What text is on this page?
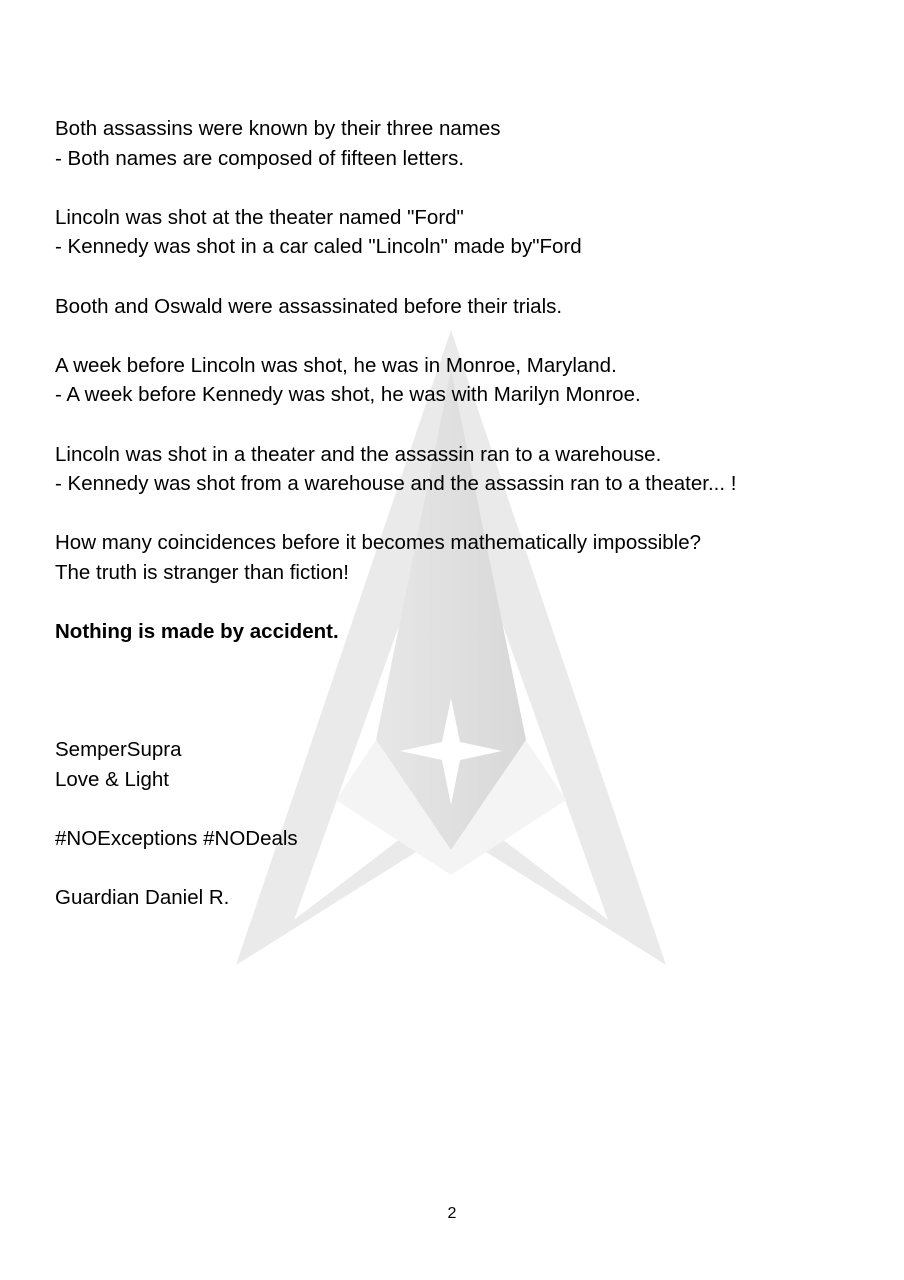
Both assassins were known by their three names
- Both names are composed of fifteen letters.
Lincoln was shot at the theater named "Ford"
- Kennedy was shot in a car caled "Lincoln" made by"Ford
Booth and Oswald were assassinated before their trials.
A week before Lincoln was shot, he was in Monroe, Maryland.
- A week before Kennedy was shot, he was with Marilyn Monroe.
Lincoln was shot in a theater and the assassin ran to a warehouse.
- Kennedy was shot from a warehouse and the assassin ran to a theater... !
How many coincidences before it becomes mathematically impossible?
The truth is stranger than fiction!
Nothing is made by accident.
SemperSupra
Love & Light
#NOExceptions #NODeals
Guardian Daniel R.
2
